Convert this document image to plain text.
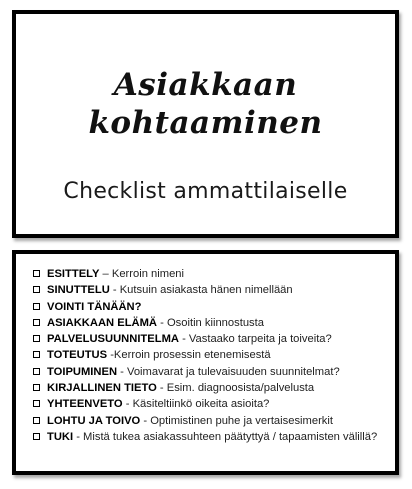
Asiakkaan
kohtaaminen
Checklist ammattilaiselle
ESITTELY – Kerroin nimeni
SINUTTELU - Kutsuin asiakasta hänen nimellään
VOINTI TÄNÄÄN?
ASIAKKAAN ELÄMÄ - Osoitin kiinnostusta
PALVELUSUUNNITELMA - Vastaako tarpeita ja toiveita?
TOTEUTUS -Kerroin prosessin etenemisestä
TOIPUMINEN - Voimavarat ja tulevaisuuden suunnitelmat?
KIRJALLINEN TIETO - Esim. diagnoosista/palvelusta
YHTEENVETO - Käsiteltiinkö oikeita asioita?
LOHTU JA TOIVO - Optimistinen puhe ja vertaisesimerkit
TUKI - Mistä tukea asiakassuhteen päätyttyä / tapaamisten välillä?
